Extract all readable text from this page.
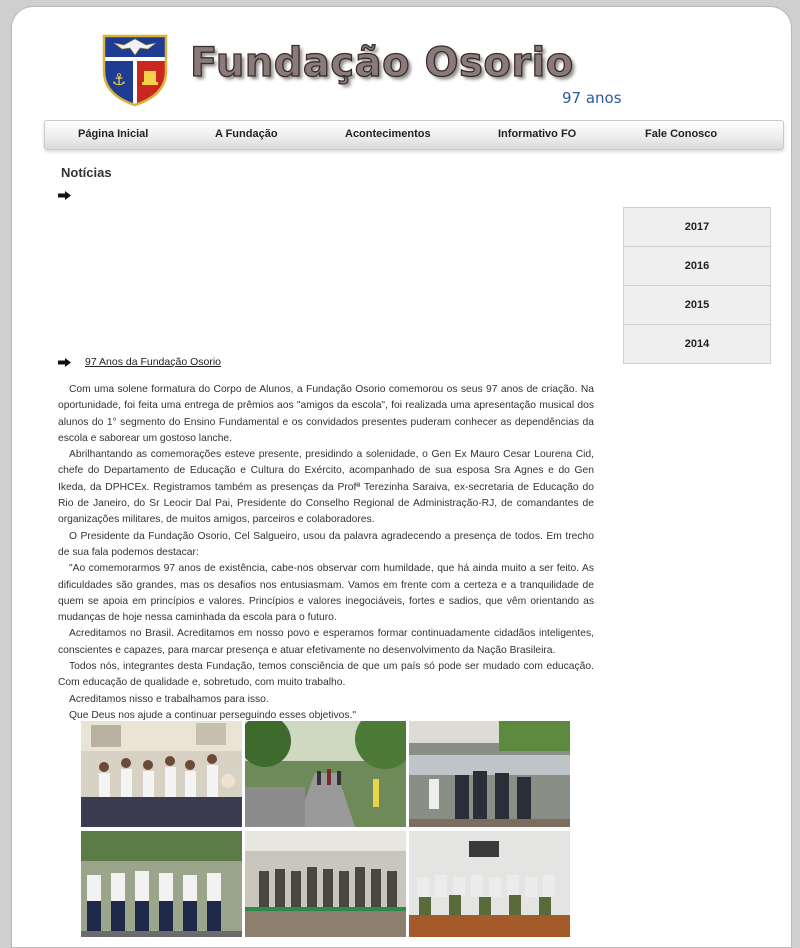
⚓ Fundação Osorio
97 anos
Página Inicial	A Fundação	Acontecimentos	Informativo FO	Fale Conosco
Notícias
97 Anos da Fundação Osorio

Com uma solene formatura do Corpo de Alunos, a Fundação Osorio comemorou os seus 97 anos de criação. Na oportunidade, foi feita uma entrega de prêmios aos "amigos da escola", foi realizada uma apresentação musical dos alunos do 1° segmento do Ensino Fundamental e os convidados presentes puderam conhecer as dependências da escola e saborear um gostoso lanche.

Abrilhantando as comemorações esteve presente, presidindo a solenidade, o Gen Ex Mauro Cesar Lourena Cid, chefe do Departamento de Educação e Cultura do Exército, acompanhado de sua esposa Sra Agnes e do Gen Ikeda, da DPHCEx. Registramos também as presenças da Profª Terezinha Saraiva, ex-secretaria de Educação do Rio de Janeiro, do Sr Leocir Dal Pai, Presidente do Conselho Regional de Administração-RJ, de comandantes de organizações militares, de muitos amigos, parceiros e colaboradores.

O Presidente da Fundação Osorio, Cel Salgueiro, usou da palavra agradecendo a presença de todos. Em trecho de sua fala podemos destacar:

"Ao comemorarmos 97 anos de existência, cabe-nos observar com humildade, que há ainda muito a ser feito. As dificuldades são grandes, mas os desafios nos entusiasmam. Vamos em frente com a certeza e a tranquilidade de quem se apoia em princípios e valores. Princípios e valores inegociáveis, fortes e sadios, que vêm orientando as mudanças de hoje nessa caminhada da escola para o futuro.

Acreditamos no Brasil. Acreditamos em nosso povo e esperamos formar continuadamente cidadãos inteligentes, conscientes e capazes, para marcar presença e atuar efetivamente no desenvolvimento da Nação Brasileira.

Todos nós, integrantes desta Fundação, temos consciência de que um país só pode ser mudado com educação. Com educação de qualidade e, sobretudo, com muito trabalho.

Acreditamos nisso e trabalhamos para isso.

Que Deus nos ajude a continuar perseguindo esses objetivos."

2017
2016
2015
2014
